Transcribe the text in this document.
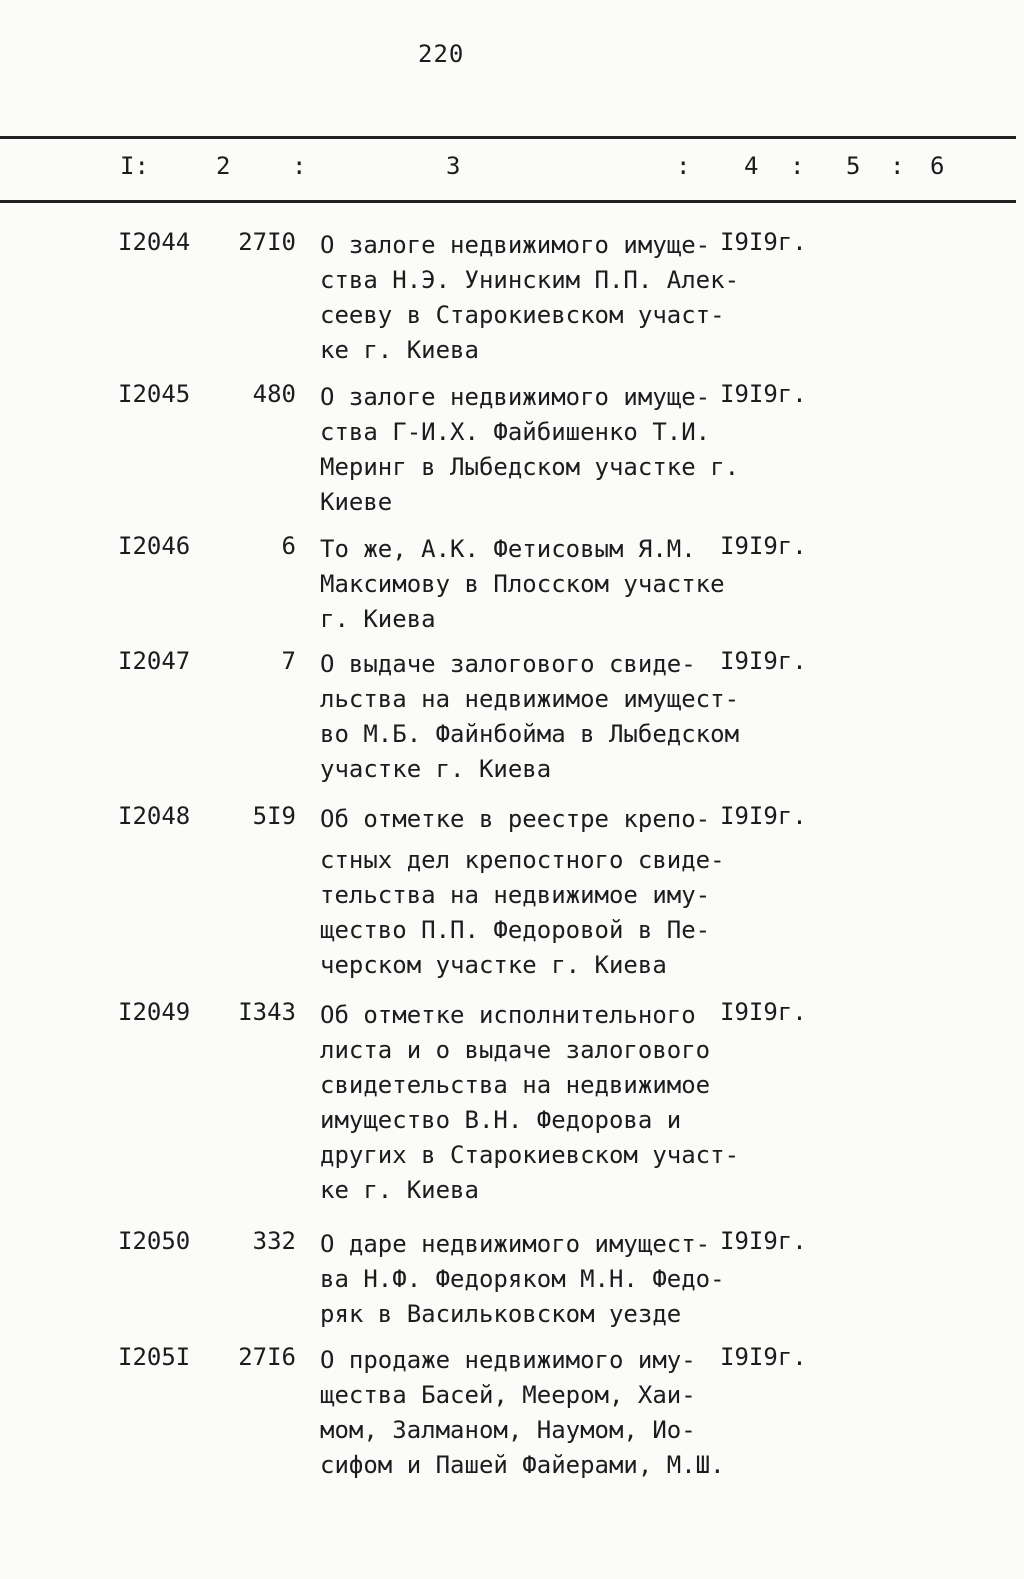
220
I:	2	:	3	: 4 : 5 : 6
I2044 27I0 О залоге недвижимого имуще-
ства Н.Э. Унинским П.П. Алек-
сееву в Старокиевском участ-
ке г. Киева
I9I9г.
I2045	480 О залоге недвижимого имуще-
ства Г-И.Х. Файбишенко Т.И.
Меринг в Лыбедском участке г.
Киеве
I9I9г.
I2046	6 То же, А.К. Фетисовым Я.М.
Максимову в Плосском участке
г. Киева
I9I9г.
I2047	7 О выдаче залогового свиде-
льства на недвижимое имущест-
во М.Б. Файнбойма в Лыбедском
участке г. Киева
I9I9г.
I2048	5I9 Об отметке в реестре крепо-
стных дел крепостного свиде-
тельства на недвижимое иму-
щество П.П. Федоровой в Пе-
черском участке г. Киева
I9I9г.
I2049 I343 Об отметке исполнительного
листа и о выдаче залогового
свидетельства на недвижимое
имущество В.Н. Федорова и
других в Старокиевском участ-
ке г. Киева
I9I9г.
I2050	332 О даре недвижимого имущест-
ва Н.Ф. Федоряком М.Н. Федо-
ряк в Васильковском уезде
I9I9г.
I205I 27I6 О продаже недвижимого иму-
щества Басей, Меером, Хаи-
мом, Залманом, Наумом, Ио-
сифом и Пашей Файерами, М.Ш.
I9I9г.
